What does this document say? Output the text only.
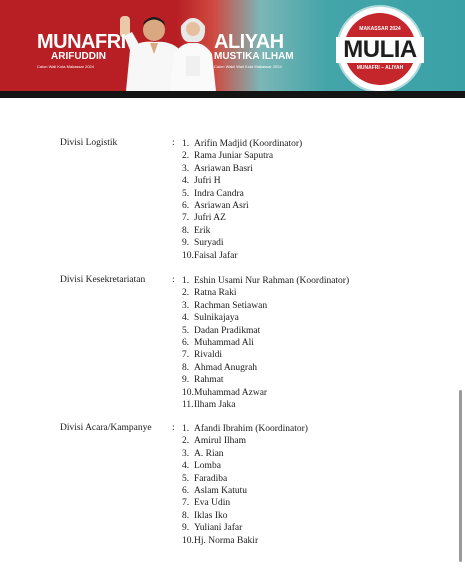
MUNAFRI
ARIFUDDIN
Calon Wali Kota Makassar 2024
ALIYAH
MUSTIKA ILHAM
Calon Wakil Wali Kota Makassar 2024
MAKASSAR 2024
MULIA
MUNAFRI – ALIYAH
Divisi Logistik	: 1. Arifin Madjid (Koordinator)
2. Rama Juniar Saputra
3. Asriawan Basri
4. Jufri H
5. Indra Candra
6. Asriawan Asri
7. Jufri AZ
8. Erik
9. Suryadi
10.Faisal Jafar
Divisi Kesekretariatan	: 1. Eshin Usami Nur Rahman (Koordinator)
2. Ratna Raki
3. Rachman Setiawan
4. Sulnikajaya
5. Dadan Pradikmat
6. Muhammad Ali
7. Rivaldi
8. Ahmad Anugrah
9. Rahmat
10.Muhammad Azwar
11.Ilham Jaka
Divisi Acara/Kampanye : 1. Afandi Ibrahim (Koordinator)
2. Amirul Ilham
3. A. Rian
4. Lomba
5. Faradiba
6. Aslam Katutu
7. Eva Udin
8. Iklas Iko
9. Yuliani Jafar
10.Hj. Norma Bakir
